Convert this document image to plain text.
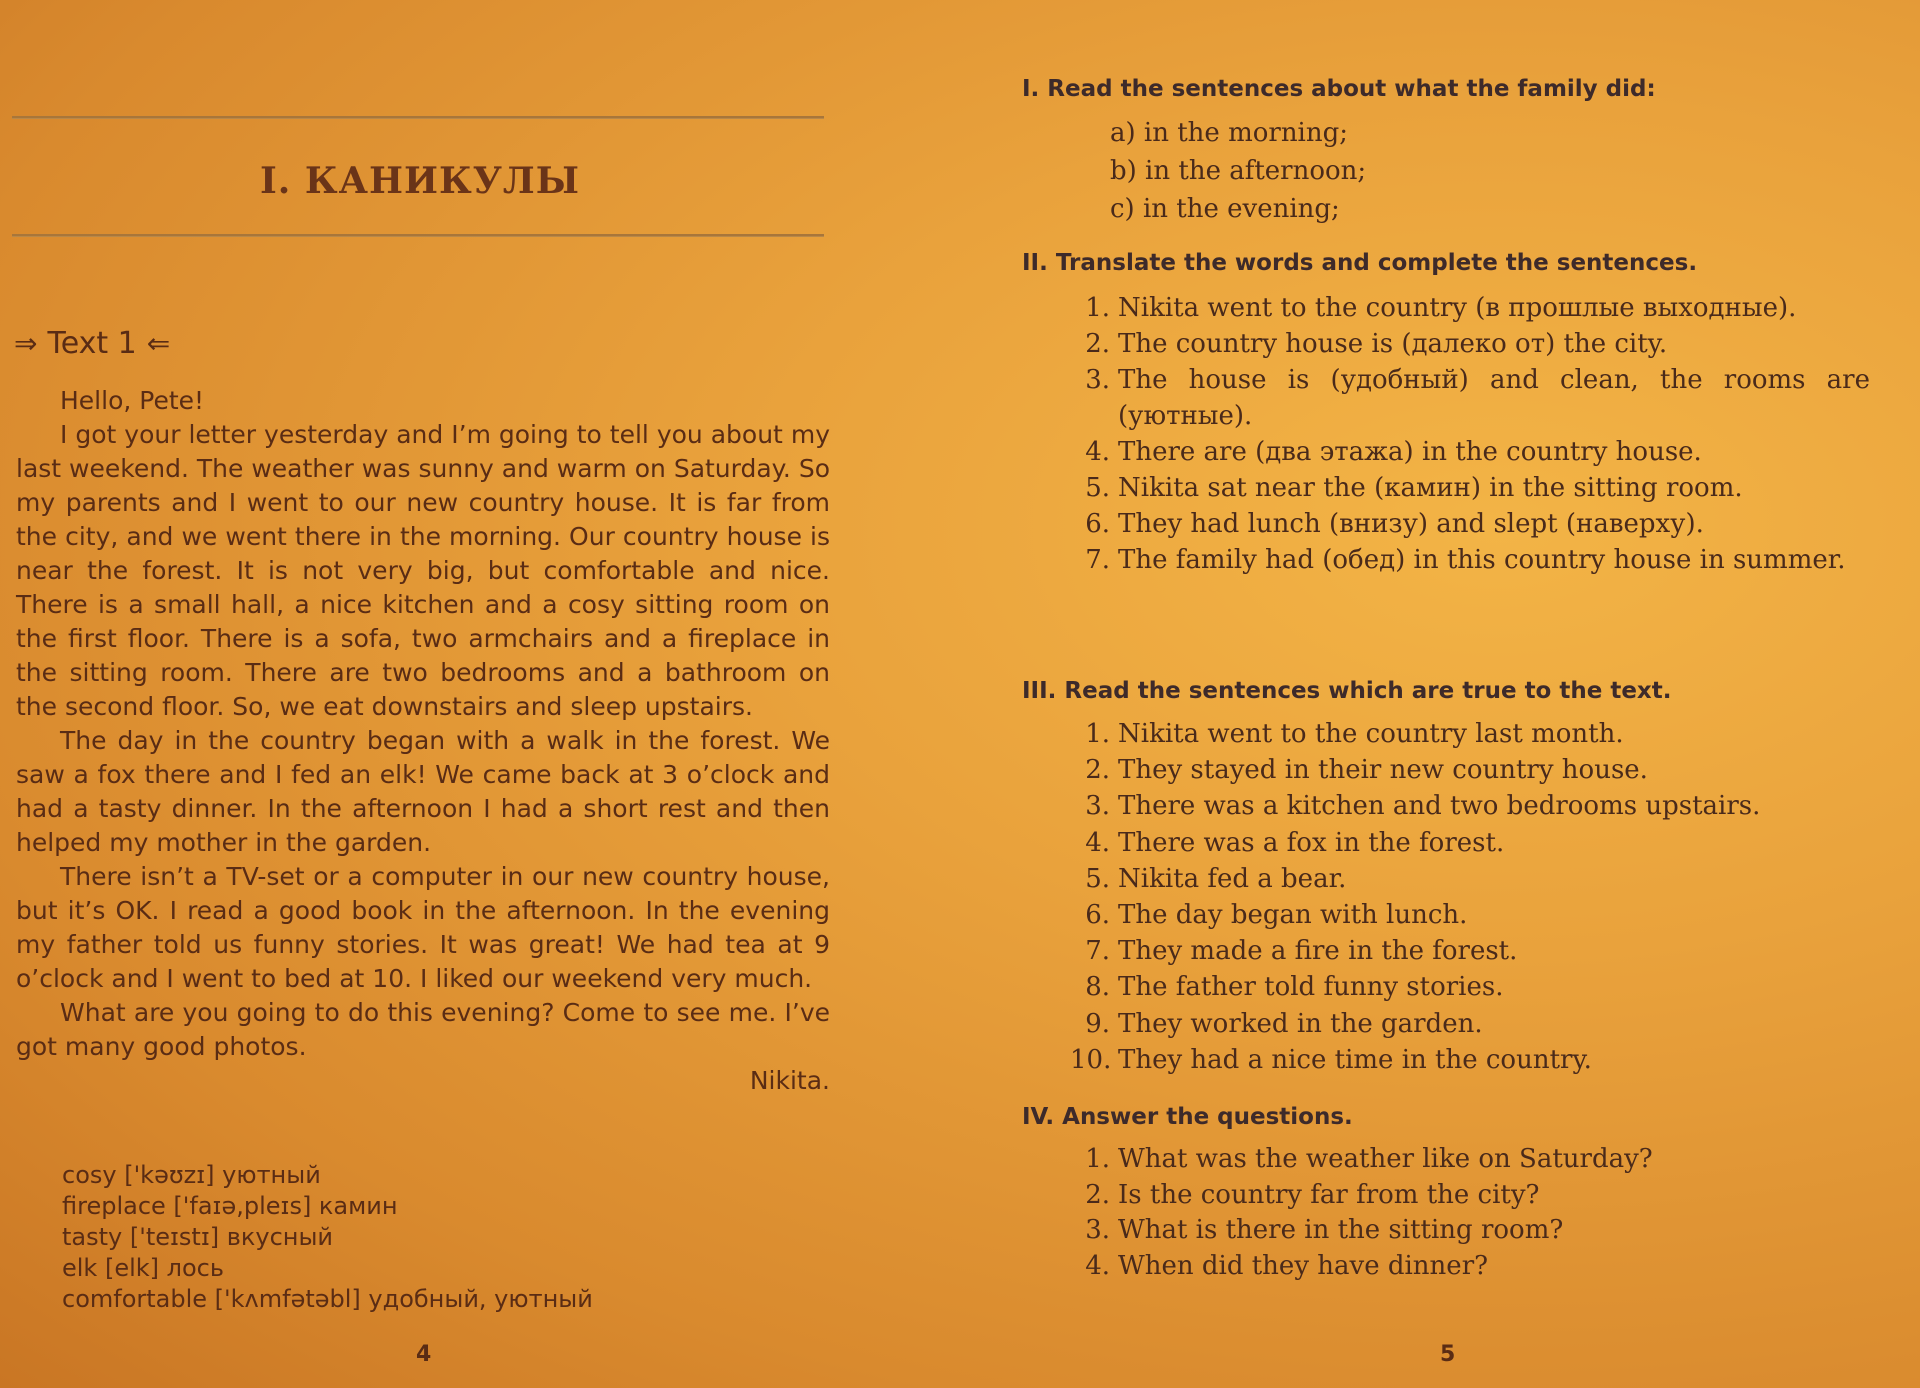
I. КАНИКУЛЫ
⇒ Text 1 ⇐

Hello, Pete!

I got your letter yesterday and I’m going to tell you about my last weekend. The weather was sunny and warm on Saturday. So my parents and I went to our new country house. It is far from the city, and we went there in the morning. Our country house is near the forest. It is not very big, but comfortable and nice. There is a small hall, a nice kitchen and a cosy sitting room on the first floor. There is a sofa, two armchairs and a fireplace in the sitting room. There are two bedrooms and a bathroom on the second floor. So, we eat downstairs and sleep upstairs.

The day in the country began with a walk in the forest. We saw a fox there and I fed an elk! We came back at 3 o’clock and had a tasty dinner. In the afternoon I had a short rest and then helped my mother in the garden.

There isn’t a TV-set or a computer in our new country house, but it’s OK. I read a good book in the afternoon. In the evening my father told us funny stories. It was great! We had tea at 9 o’clock and I went to bed at 10. I liked our weekend very much.

What are you going to do this evening? Come to see me. I’ve got many good photos.

Nikita.
cosy ['kəʊzɪ] уютный
fireplace ['faɪə,pleɪs] камин
tasty ['teɪstɪ] вкусный
elk [elk] лось
comfortable ['kʌmfətəbl] удобный, уютный
4
I. Read the sentences about what the family did:
a) in the morning;
b) in the afternoon;
c) in the evening;
II. Translate the words and complete the sentences.
1. Nikita went to the country (в прошлые выходные).
2. The country house is (далеко от) the city.
3. The house is (удобный) and clean, the rooms are (уютные).
4. There are (два этажа) in the country house.
5. Nikita sat near the (камин) in the sitting room.
6. They had lunch (внизу) and slept (наверху).
7. The family had (обед) in this country house in summer.
III. Read the sentences which are true to the text.
1. Nikita went to the country last month.
2. They stayed in their new country house.
3. There was a kitchen and two bedrooms upstairs.
4. There was a fox in the forest.
5. Nikita fed a bear.
6. The day began with lunch.
7. They made a fire in the forest.
8. The father told funny stories.
9. They worked in the garden.
10. They had a nice time in the country.
IV. Answer the questions.
1. What was the weather like on Saturday?
2. Is the country far from the city?
3. What is there in the sitting room?
4. When did they have dinner?
5
